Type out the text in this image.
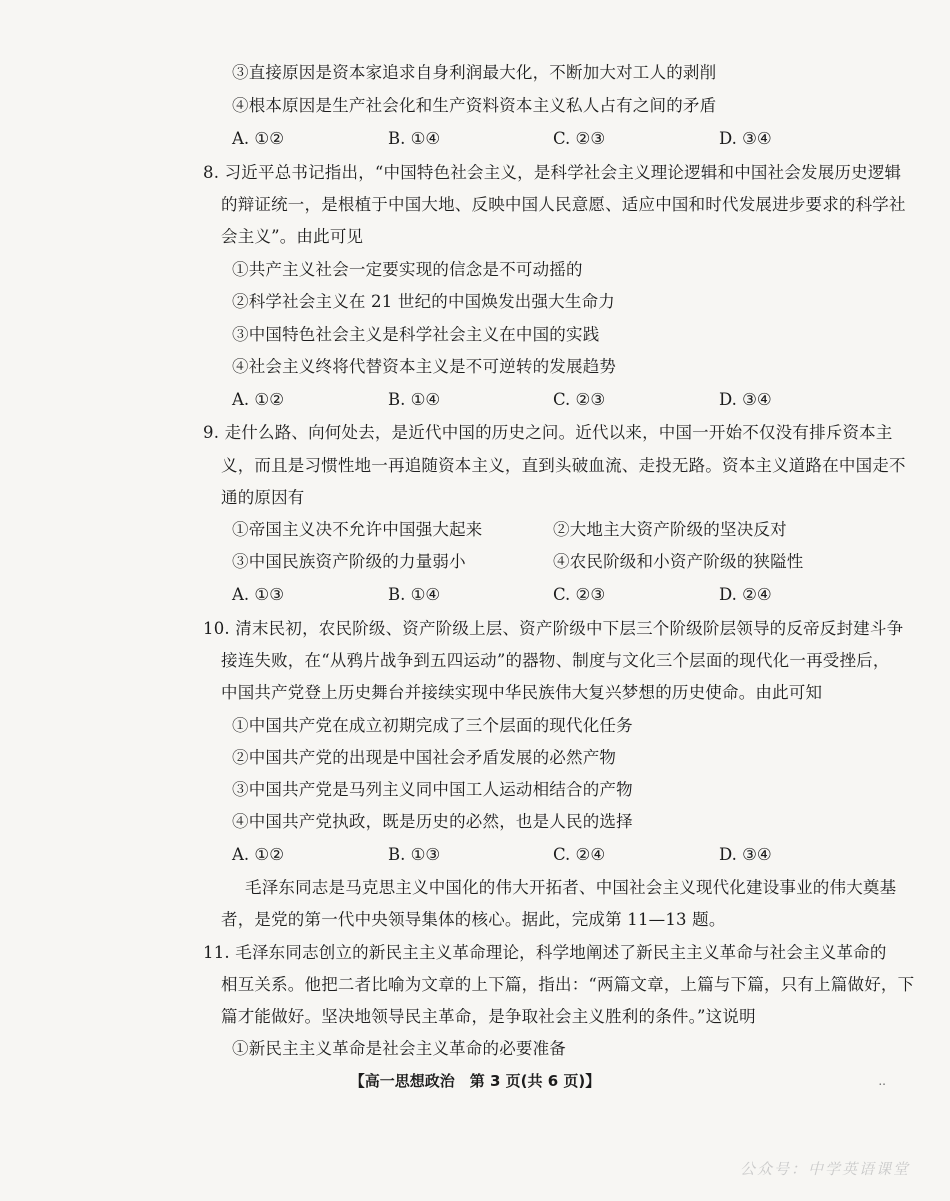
③直接原因是资本家追求自身利润最大化，不断加大对工人的剥削
④根本原因是生产社会化和生产资料资本主义私人占有之间的矛盾
A. ①②	B. ①④	C. ②③	D. ③④
8. 习近平总书记指出，“中国特色社会主义，是科学社会主义理论逻辑和中国社会发展历史逻辑
的辩证统一，是根植于中国大地、反映中国人民意愿、适应中国和时代发展进步要求的科学社
会主义”。由此可见
①共产主义社会一定要实现的信念是不可动摇的
②科学社会主义在 21 世纪的中国焕发出强大生命力
③中国特色社会主义是科学社会主义在中国的实践
④社会主义终将代替资本主义是不可逆转的发展趋势
A. ①②	B. ①④	C. ②③	D. ③④
9. 走什么路、向何处去，是近代中国的历史之问。近代以来，中国一开始不仅没有排斥资本主
义，而且是习惯性地一再追随资本主义，直到头破血流、走投无路。资本主义道路在中国走不
通的原因有
①帝国主义决不允许中国强大起来	②大地主大资产阶级的坚决反对
③中国民族资产阶级的力量弱小	④农民阶级和小资产阶级的狭隘性
A. ①③	B. ①④	C. ②③	D. ②④
10. 清末民初，农民阶级、资产阶级上层、资产阶级中下层三个阶级阶层领导的反帝反封建斗争
接连失败，在“从鸦片战争到五四运动”的器物、制度与文化三个层面的现代化一再受挫后，
中国共产党登上历史舞台并接续实现中华民族伟大复兴梦想的历史使命。由此可知
①中国共产党在成立初期完成了三个层面的现代化任务
②中国共产党的出现是中国社会矛盾发展的必然产物
③中国共产党是马列主义同中国工人运动相结合的产物
④中国共产党执政，既是历史的必然，也是人民的选择
A. ①②	B. ①③	C. ②④	D. ③④
毛泽东同志是马克思主义中国化的伟大开拓者、中国社会主义现代化建设事业的伟大奠基
者，是党的第一代中央领导集体的核心。据此，完成第 11—13 题。
11. 毛泽东同志创立的新民主主义革命理论，科学地阐述了新民主主义革命与社会主义革命的
相互关系。他把二者比喻为文章的上下篇，指出：“两篇文章，上篇与下篇，只有上篇做好，下
篇才能做好。坚决地领导民主革命，是争取社会主义胜利的条件。”这说明
①新民主主义革命是社会主义革命的必要准备
【高一思想政治　第 3 页(共 6 页)】	..
公众号：中学英语课堂
